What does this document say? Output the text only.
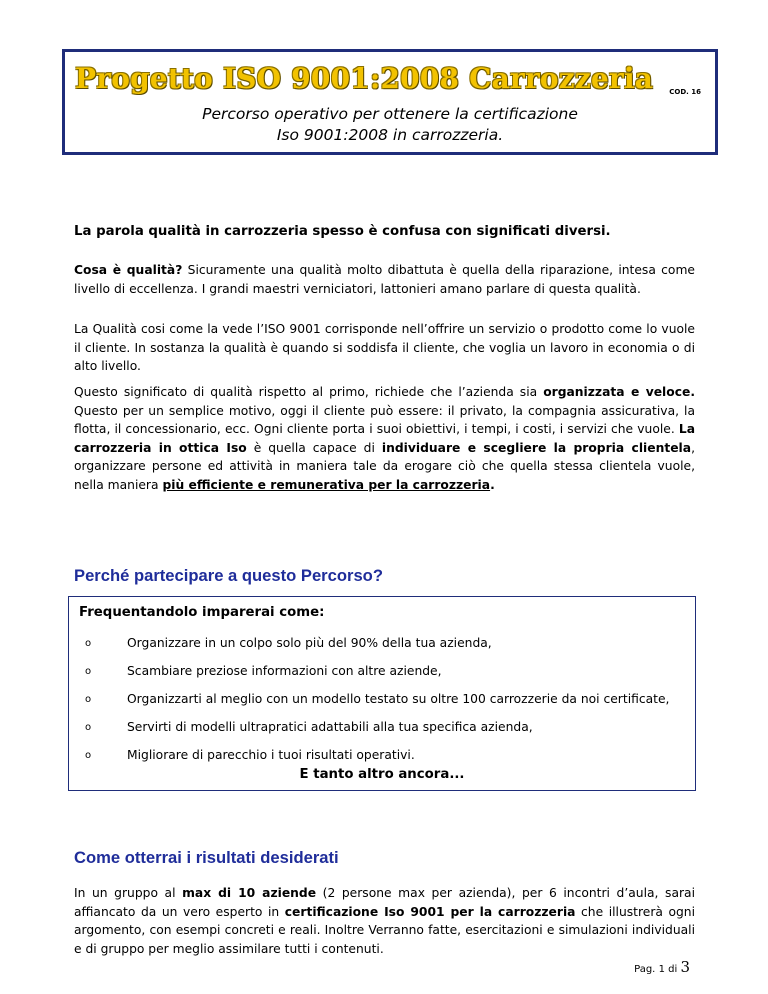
Progetto ISO 9001:2008 Carrozzeria COD. 16
Percorso operativo per ottenere la certificazione
Iso 9001:2008 in carrozzeria.
La parola qualità in carrozzeria spesso è confusa con significati diversi.

Cosa è qualità? Sicuramente una qualità molto dibattuta è quella della riparazione, intesa come livello di eccellenza. I grandi maestri verniciatori, lattonieri amano parlare di questa qualità.

La Qualità cosi come la vede l’ISO 9001 corrisponde nell’offrire un servizio o prodotto come lo vuole il cliente. In sostanza la qualità è quando si soddisfa il cliente, che voglia un lavoro in economia o di alto livello.

Questo significato di qualità rispetto al primo, richiede che l’azienda sia organizzata e veloce. Questo per un semplice motivo, oggi il cliente può essere: il privato, la compagnia assicurativa, la flotta, il concessionario, ecc. Ogni cliente porta i suoi obiettivi, i tempi, i costi, i servizi che vuole. La carrozzeria in ottica Iso è quella capace di individuare e scegliere la propria clientela, organizzare persone ed attività in maniera tale da erogare ciò che quella stessa clientela vuole, nella maniera più efficiente e remunerativa per la carrozzeria.

Perché partecipare a questo Percorso?
Frequentandolo imparerai come:
o	Organizzare in un colpo solo più del 90% della tua azienda,
o	Scambiare preziose informazioni con altre aziende,
o	Organizzarti al meglio con un modello testato su oltre 100 carrozzerie da noi certificate,
o	Servirti di modelli ultrapratici adattabili alla tua specifica azienda,
o	Migliorare di parecchio i tuoi risultati operativi.
E tanto altro ancora...
Come otterrai i risultati desiderati

In un gruppo al max di 10 aziende (2 persone max per azienda), per 6 incontri d’aula, sarai affiancato da un vero esperto in certificazione Iso 9001 per la carrozzeria che illustrerà ogni argomento, con esempi concreti e reali. Inoltre Verranno fatte, esercitazioni e simulazioni individuali e di gruppo per meglio assimilare tutti i contenuti.

Pag. 1 di 3
